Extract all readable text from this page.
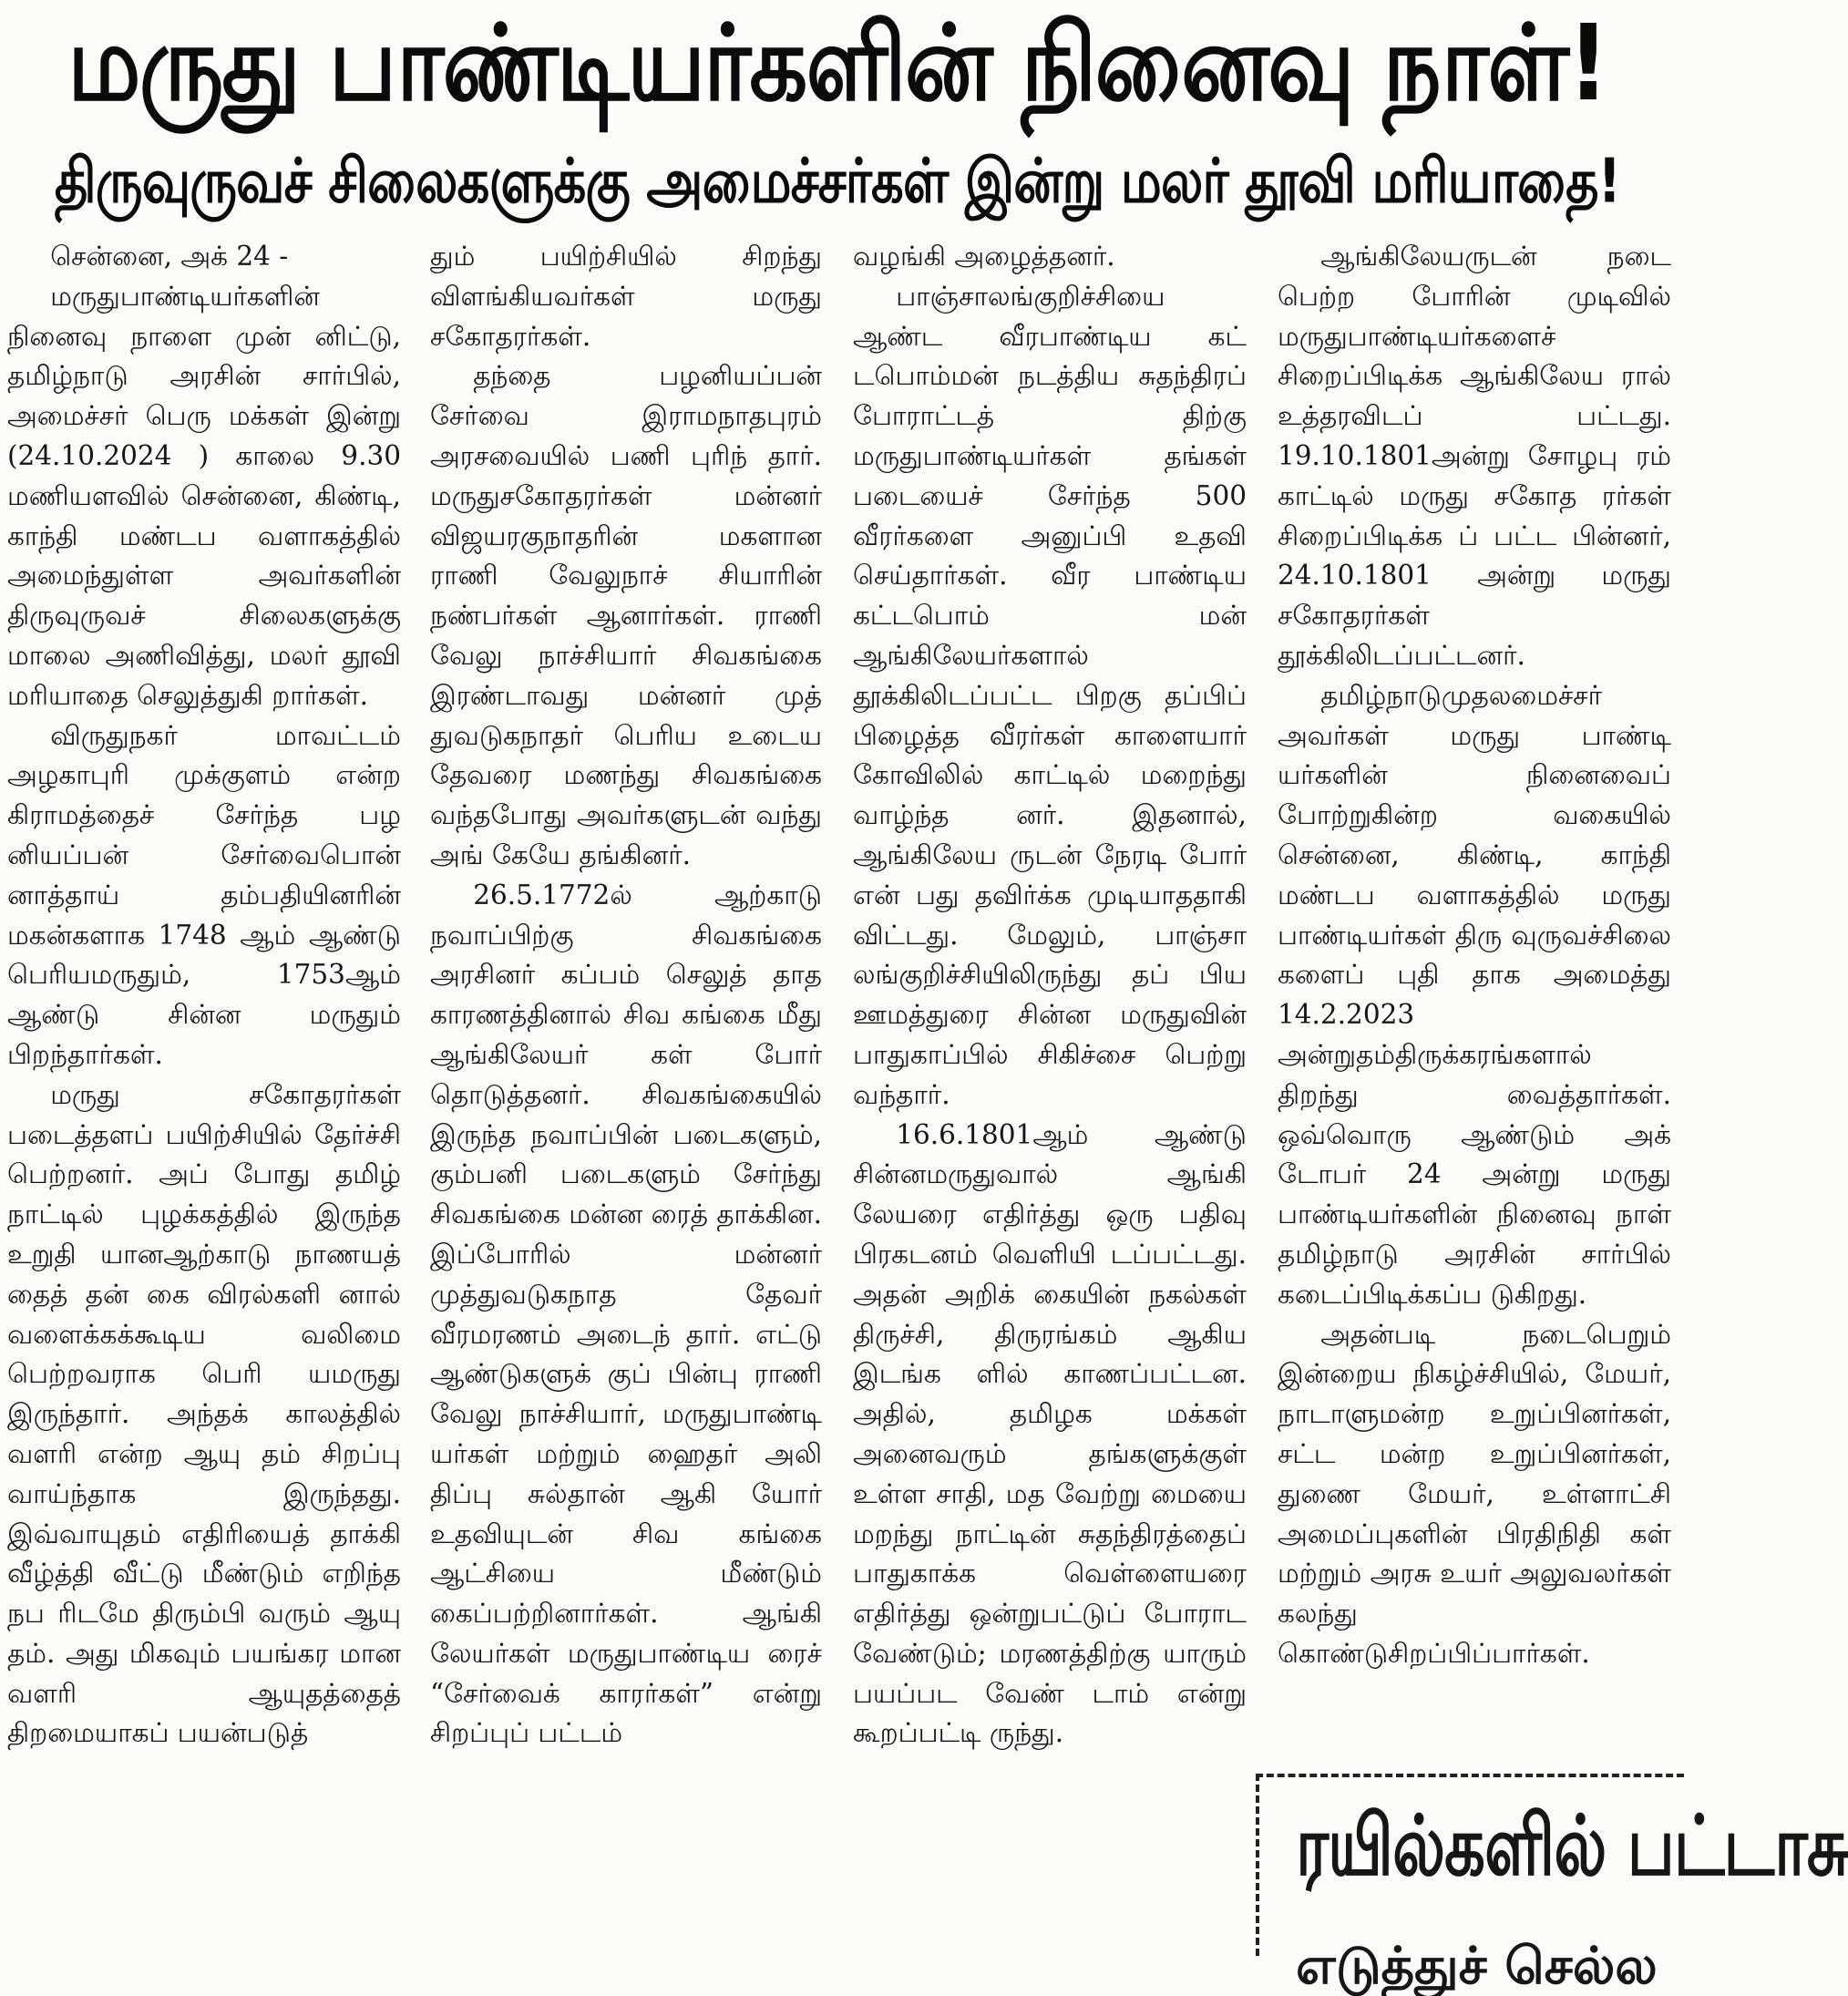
மருது பாண்டியர்களின் நினைவு நாள்!
திருவுருவச் சிலைகளுக்கு அமைச்சர்கள் இன்று மலர் தூவி மரியாதை!

சென்னை, அக் 24 -

மருதுபாண்டியர்களின் நினைவு நாளை முன் னிட்டு, தமிழ்நாடு அரசின் சார்பில், அமைச்சர் பெரு மக்கள் இன்று (24.10.2024 ) காலை 9.30 மணியளவில் சென்னை, கிண்டி, காந்தி மண்டப வளாகத்தில் அமைந்துள்ள அவர்களின் திருவுருவச் சிலைகளுக்கு மாலை அணிவித்து, மலர் தூவி மரியாதை செலுத்துகி றார்கள்.

விருதுநகர் மாவட்டம் அழகாபுரி முக்குளம் என்ற கிராமத்தைச் சேர்ந்த பழ னியப்பன் சேர்வைபொன் னாத்தாய் தம்பதியினரின் மகன்களாக 1748 ஆம் ஆண்டு பெரியமருதும், 1753ஆம் ஆண்டு சின்ன மருதும் பிறந்தார்கள்.

மருது சகோதரர்கள் படைத்தளப் பயிற்சியில் தேர்ச்சி பெற்றனர். அப் போது தமிழ் நாட்டில் புழக்கத்தில் இருந்த உறுதி யானஆற்காடு நாணயத் தைத் தன் கை விரல்களி னால் வளைக்கக்கூடிய வலிமை பெற்றவராக பெரி யமருது இருந்தார். அந்தக் காலத்தில் வளரி என்ற ஆயு தம் சிறப்பு வாய்ந்தாக இருந்தது. இவ்வாயுதம் எதிரியைத் தாக்கி வீழ்த்தி வீட்டு மீண்டும் எறிந்த நப ரிடமே திரும்பி வரும் ஆயு தம். அது மிகவும் பயங்கர மான வளரி ஆயுதத்தைத் திறமையாகப் பயன்படுத்

தும் பயிற்சியில் சிறந்து விளங்கியவர்கள் மருது சகோதரர்கள்.

தந்தை பழனியப்பன் சேர்வை இராமநாதபுரம் அரசவையில் பணி புரிந் தார். மருதுசகோதரர்கள் மன்னர் விஜயரகுநாதரின் மகளான ராணி வேலுநாச் சியாரின் நண்பர்கள் ஆனார்கள். ராணி வேலு நாச்சியார் சிவகங்கை இரண்டாவது மன்னர் முத் துவடுகநாதர் பெரிய உடைய தேவரை மணந்து சிவகங்கை வந்தபோது அவர்களுடன் வந்து அங் கேயே தங்கினர்.

26.5.1772ல் ஆற்காடு நவாப்பிற்கு சிவகங்கை அரசினர் கப்பம் செலுத் தாத காரணத்தினால் சிவ கங்கை மீது ஆங்கிலேயர் கள் போர் தொடுத்தனர். சிவகங்கையில் இருந்த நவாப்பின் படைகளும், கும்பனி படைகளும் சேர்ந்து சிவகங்கை மன்ன ரைத் தாக்கின. இப்போரில் மன்னர் முத்துவடுகநாத தேவர் வீரமரணம் அடைந் தார். எட்டு ஆண்டுகளுக் குப் பின்பு ராணி வேலு நாச்சியார், மருதுபாண்டி யர்கள் மற்றும் ஹைதர் அலி திப்பு சுல்தான் ஆகி யோர் உதவியுடன் சிவ கங்கை ஆட்சியை மீண்டும் கைப்பற்றினார்கள். ஆங்கி லேயர்கள் மருதுபாண்டிய ரைச் “சேர்வைக் காரர்கள்” என்று சிறப்புப் பட்டம்

வழங்கி அழைத்தனர்.

பாஞ்சாலங்குறிச்சியை ஆண்ட வீரபாண்டிய கட் டபொம்மன் நடத்திய சுதந்திரப் போராட்டத் திற்கு மருதுபாண்டியர்கள் தங்கள் படையைச் சேர்ந்த 500 வீரர்களை அனுப்பி உதவி செய்தார்கள். வீர பாண்டிய கட்டபொம் மன் ஆங்கிலேயர்களால் தூக்கிலிடப்பட்ட பிறகு தப்பிப் பிழைத்த வீரர்கள் காளையார் கோவிலில் காட்டில் மறைந்து வாழ்ந்த னர். இதனால், ஆங்கிலேய ருடன் நேரடி போர் என் பது தவிர்க்க முடியாததாகி விட்டது. மேலும், பாஞ்சா லங்குறிச்சியிலிருந்து தப் பிய ஊமத்துரை சின்ன மருதுவின் பாதுகாப்பில் சிகிச்சை பெற்று வந்தார்.

16.6.1801ஆம் ஆண்டு சின்னமருதுவால் ஆங்கி லேயரை எதிர்த்து ஒரு பதிவு பிரகடனம் வெளியி டப்பட்டது. அதன் அறிக் கையின் நகல்கள் திருச்சி, திருரங்கம் ஆகிய இடங்க ளில் காணப்பட்டன. அதில், தமிழக மக்கள் அனைவரும் தங்களுக்குள் உள்ள சாதி, மத வேற்று மையை மறந்து நாட்டின் சுதந்திரத்தைப் பாதுகாக்க வெள்ளையரை எதிர்த்து ஒன்றுபட்டுப் போராட வேண்டும்; மரணத்திற்கு யாரும் பயப்பட வேண் டாம் என்று கூறப்பட்டி ருந்து.

ஆங்கிலேயருடன் நடை பெற்ற போரின் முடிவில் மருதுபாண்டியர்களைச் சிறைப்பிடிக்க ஆங்கிலேய ரால் உத்தரவிடப் பட்டது. 19.10.1801அன்று சோழபு ரம் காட்டில் மருது சகோத ரர்கள் சிறைப்பிடிக்க ப் பட்ட பின்னர், 24.10.1801 அன்று மருது சகோதரர்கள் தூக்கிலிடப்பட்டனர்.

தமிழ்நாடுமுதலமைச்சர் அவர்கள் மருது பாண்டி யர்களின் நினைவைப் போற்றுகின்ற வகையில் சென்னை, கிண்டி, காந்தி மண்டப வளாகத்தில் மருது பாண்டியர்கள் திரு வுருவச்சிலை களைப் புதி தாக அமைத்து 14.2.2023 அன்றுதம்திருக்கரங்களால் திறந்து வைத்தார்கள். ஒவ்வொரு ஆண்டும் அக் டோபர் 24 அன்று மருது பாண்டியர்களின் நினைவு நாள் தமிழ்நாடு அரசின் சார்பில் கடைப்பிடிக்கப்ப டுகிறது.

அதன்படி நடைபெறும் இன்றைய நிகழ்ச்சியில், மேயர், நாடாளுமன்ற உறுப்பினர்கள், சட்ட மன்ற உறுப்பினர்கள், துணை மேயர், உள்ளாட்சி அமைப்புகளின் பிரதிநிதி கள் மற்றும் அரசு உயர் அலுவலர்கள் கலந்து கொண்டுசிறப்பிப்பார்கள்.

ரயில்களில் பட்டாசு
எடுத்துச் செல்ல
